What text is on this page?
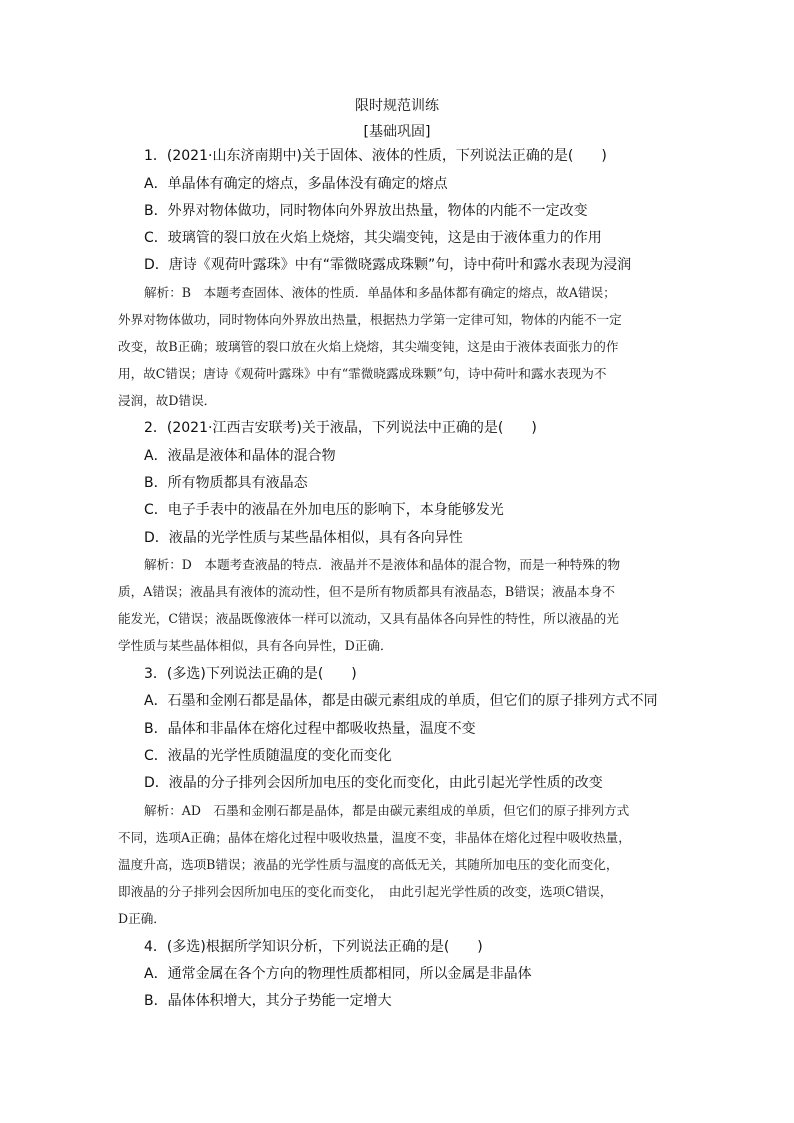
限时规范训练
[基础巩固]
1．(2021·山东济南期中)关于固体、液体的性质，下列说法正确的是(　　)
A．单晶体有确定的熔点，多晶体没有确定的熔点
B．外界对物体做功，同时物体向外界放出热量，物体的内能不一定改变
C．玻璃管的裂口放在火焰上烧熔，其尖端变钝，这是由于液体重力的作用
D．唐诗《观荷叶露珠》中有“霏微晓露成珠颗”句，诗中荷叶和露水表现为浸润
解析：B　本题考查固体、液体的性质．单晶体和多晶体都有确定的熔点，故A错误；
外界对物体做功，同时物体向外界放出热量，根据热力学第一定律可知，物体的内能不一定
改变，故B正确；玻璃管的裂口放在火焰上烧熔，其尖端变钝，这是由于液体表面张力的作
用，故C错误；唐诗《观荷叶露珠》中有“霏微晓露成珠颗”句，诗中荷叶和露水表现为不
浸润，故D错误．
2．(2021·江西吉安联考)关于液晶，下列说法中正确的是(　　)
A．液晶是液体和晶体的混合物
B．所有物质都具有液晶态
C．电子手表中的液晶在外加电压的影响下，本身能够发光
D．液晶的光学性质与某些晶体相似，具有各向异性
解析：D　本题考查液晶的特点．液晶并不是液体和晶体的混合物，而是一种特殊的物
质，A错误；液晶具有液体的流动性，但不是所有物质都具有液晶态，B错误；液晶本身不
能发光，C错误；液晶既像液体一样可以流动，又具有晶体各向异性的特性，所以液晶的光
学性质与某些晶体相似，具有各向异性，D正确．
3．(多选)下列说法正确的是(　　)
A．石墨和金刚石都是晶体，都是由碳元素组成的单质，但它们的原子排列方式不同
B．晶体和非晶体在熔化过程中都吸收热量，温度不变
C．液晶的光学性质随温度的变化而变化
D．液晶的分子排列会因所加电压的变化而变化，由此引起光学性质的改变
解析：AD　石墨和金刚石都是晶体，都是由碳元素组成的单质，但它们的原子排列方式
不同，选项A正确；晶体在熔化过程中吸收热量，温度不变，非晶体在熔化过程中吸收热量，
温度升高，选项B错误；液晶的光学性质与温度的高低无关，其随所加电压的变化而变化，
即液晶的分子排列会因所加电压的变化而变化，　由此引起光学性质的改变，选项C错误，
D正确．
4．(多选)根据所学知识分析，下列说法正确的是(　　)
A．通常金属在各个方向的物理性质都相同，所以金属是非晶体
B．晶体体积增大，其分子势能一定增大
